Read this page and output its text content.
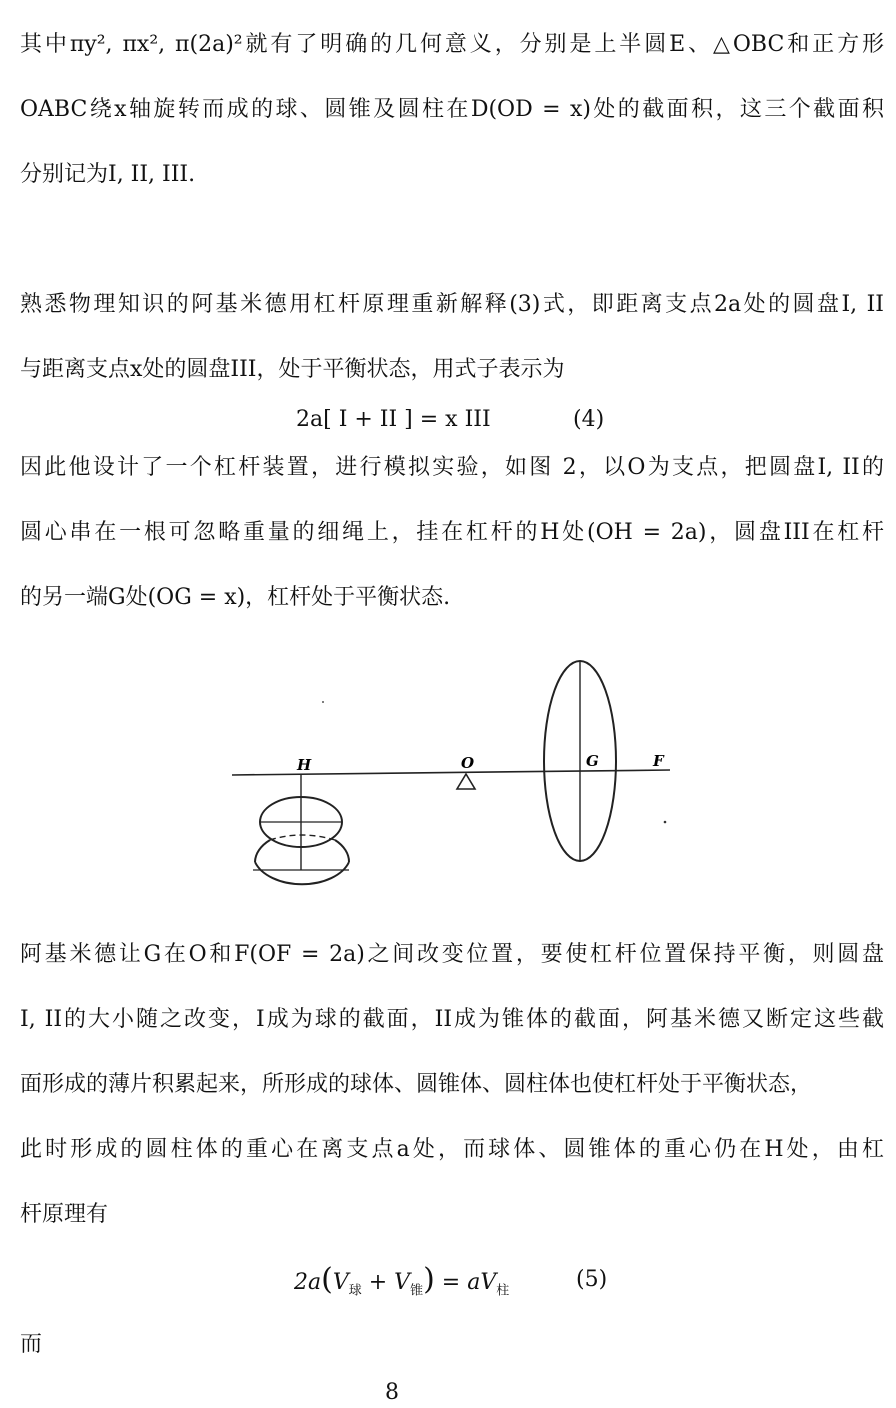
其中πy², πx², π(2a)²就有了明确的几何意义，分别是上半圆E、△OBC和正方形
OABC绕x轴旋转而成的球、圆锥及圆柱在D(OD = x)处的截面积，这三个截面积
分别记为I, II, III.
熟悉物理知识的阿基米德用杠杆原理重新解释(3)式，即距离支点2a处的圆盘I, II
与距离支点x处的圆盘III，处于平衡状态，用式子表示为
2a[ I + II ] = x III	(4)
因此他设计了一个杠杆装置，进行模拟实验，如图 2，以O为支点，把圆盘I, II的
圆心串在一根可忽略重量的细绳上，挂在杠杆的H处(OH = 2a)，圆盘III在杠杆
的另一端G处(OG = x)，杠杆处于平衡状态.
H	O	G	F
阿基米德让G在O和F(OF = 2a)之间改变位置，要使杠杆位置保持平衡，则圆盘
I, II的大小随之改变，I成为球的截面，II成为锥体的截面，阿基米德又断定这些截
面形成的薄片积累起来，所形成的球体、圆锥体、圆柱体也使杠杆处于平衡状态，
此时形成的圆柱体的重心在离支点a处，而球体、圆锥体的重心仍在H处，由杠
杆原理有
$2a(V_球 + V_锥) = aV_柱$	(5)
而
8
